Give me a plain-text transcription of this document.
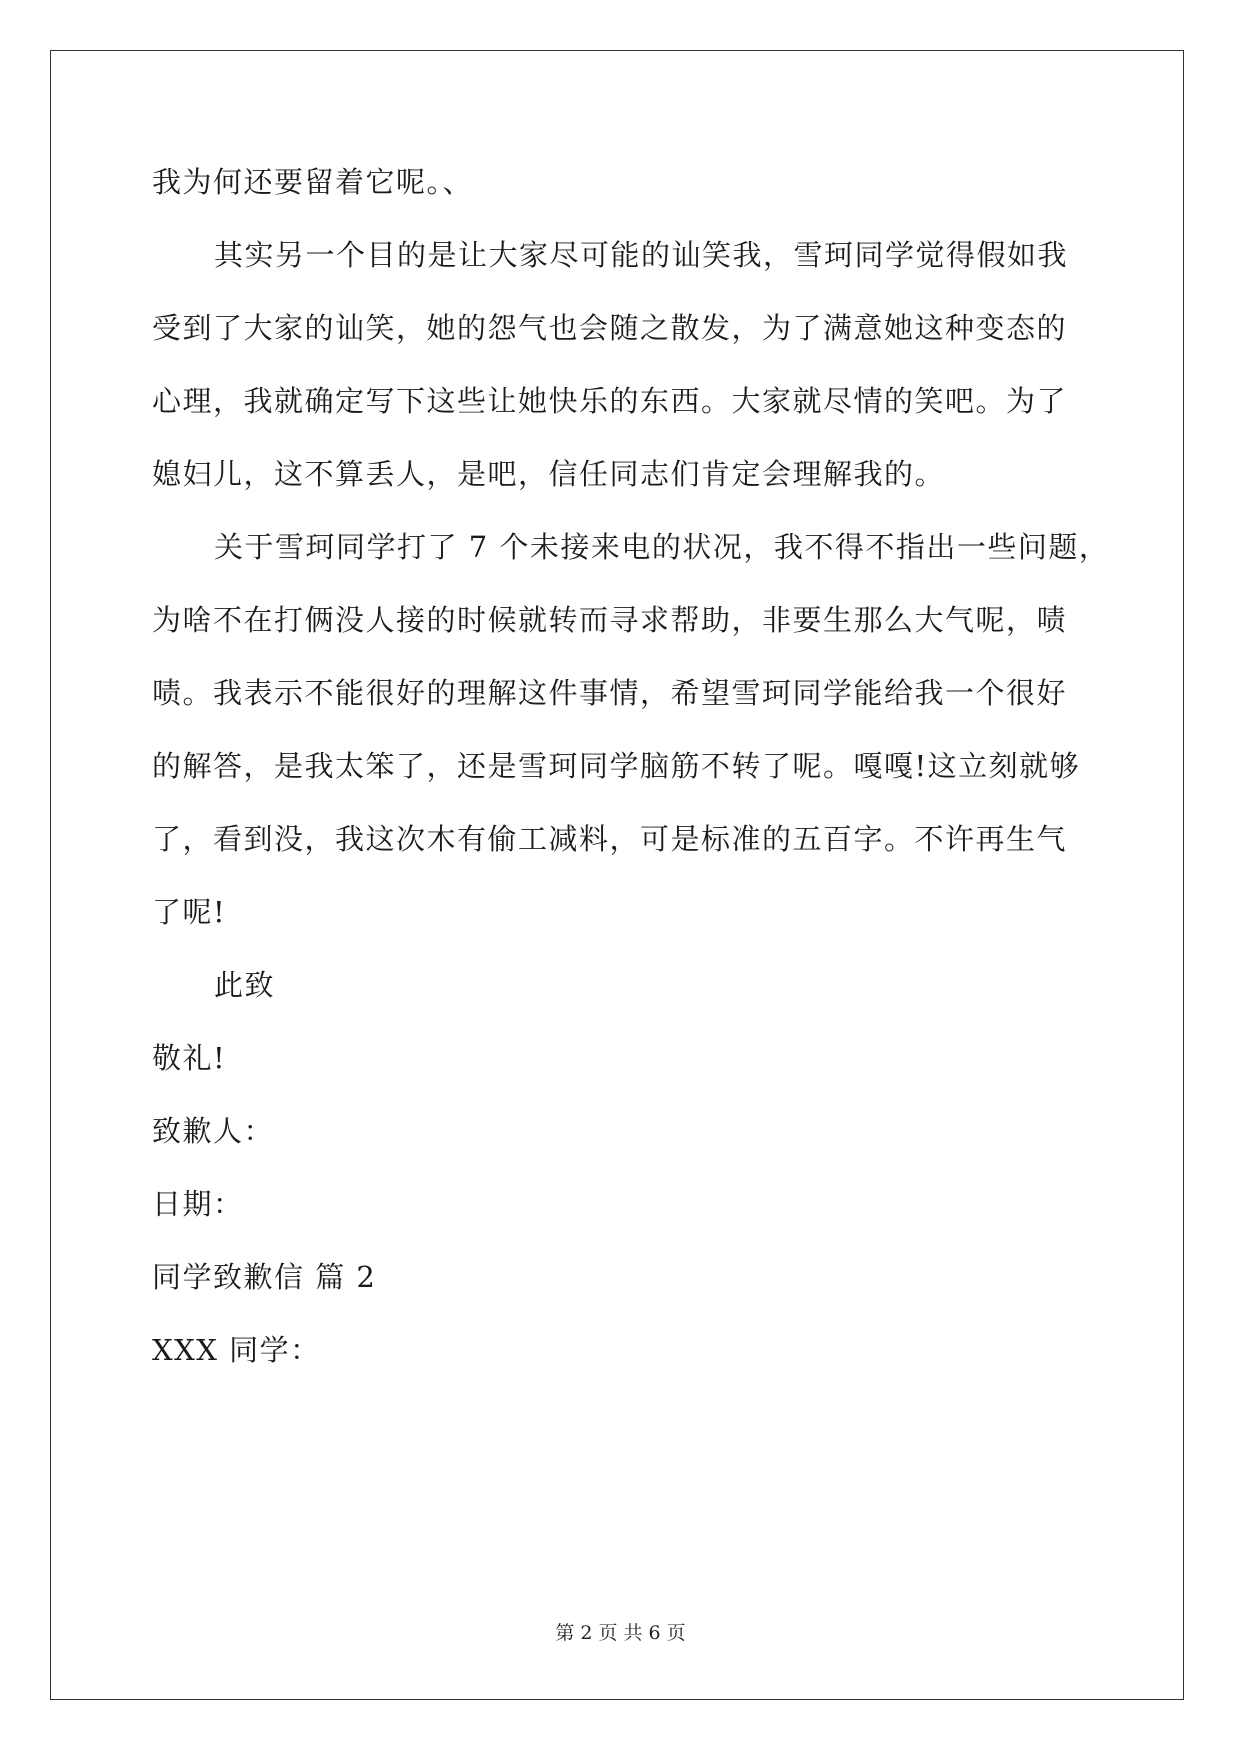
我为何还要留着它呢。、
其实另一个目的是让大家尽可能的讪笑我，雪珂同学觉得假如我
受到了大家的讪笑，她的怨气也会随之散发，为了满意她这种变态的
心理，我就确定写下这些让她快乐的东西。大家就尽情的笑吧。为了
媳妇儿，这不算丢人，是吧，信任同志们肯定会理解我的。
关于雪珂同学打了 7 个未接来电的状况，我不得不指出一些问题，
为啥不在打俩没人接的时候就转而寻求帮助，非要生那么大气呢，啧
啧。我表示不能很好的理解这件事情，希望雪珂同学能给我一个很好
的解答，是我太笨了，还是雪珂同学脑筋不转了呢。嘎嘎!这立刻就够
了，看到没，我这次木有偷工减料，可是标准的五百字。不许再生气
了呢!
此致
敬礼!
致歉人：
日期：
同学致歉信 篇 2
XXX 同学：
第 2 页 共 6 页
